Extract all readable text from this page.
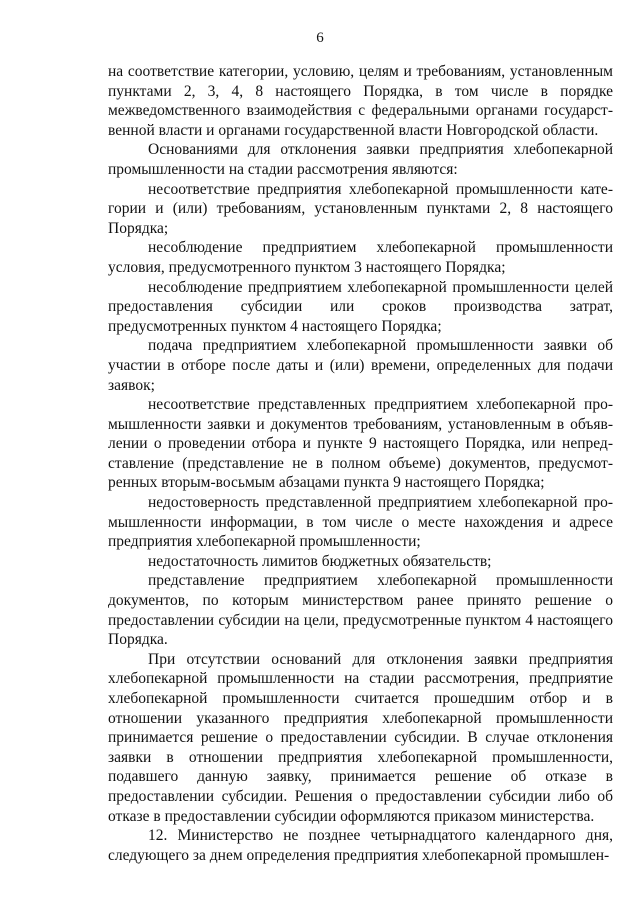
6

на соответствие категории, условию, целям и требованиям, установленным пунктами 2, 3, 4, 8 настоящего Порядка, в том числе в порядке межведомственного взаимодействия с федеральными органами государственной власти и органами государственной власти Новгородской области.

Основаниями для отклонения заявки предприятия хлебопекарной промышленности на стадии рассмотрения являются:

несоответствие предприятия хлебопекарной промышленности категории и (или) требованиям, установленным пунктами 2, 8 настоящего Порядка;

несоблюдение предприятием хлебопекарной промышленности условия, предусмотренного пунктом 3 настоящего Порядка;

несоблюдение предприятием хлебопекарной промышленности целей предоставления субсидии или сроков производства затрат, предусмотренных пунктом 4 настоящего Порядка;

подача предприятием хлебопекарной промышленности заявки об участии в отборе после даты и (или) времени, определенных для подачи заявок;

несоответствие представленных предприятием хлебопекарной промышленности заявки и документов требованиям, установленным в объявлении о проведении отбора и пункте 9 настоящего Порядка, или непредставление (представление не в полном объеме) документов, предусмотренных вторым-восьмым абзацами пункта 9 настоящего Порядка;

недостоверность представленной предприятием хлебопекарной промышленности информации, в том числе о месте нахождения и адресе предприятия хлебопекарной промышленности;

недостаточность лимитов бюджетных обязательств;

представление предприятием хлебопекарной промышленности документов, по которым министерством ранее принято решение о предоставлении субсидии на цели, предусмотренные пунктом 4 настоящего Порядка.

При отсутствии оснований для отклонения заявки предприятия хлебопекарной промышленности на стадии рассмотрения, предприятие хлебопекарной промышленности считается прошедшим отбор и в отношении указанного предприятия хлебопекарной промышленности принимается решение о предоставлении субсидии. В случае отклонения заявки в отношении предприятия хлебопекарной промышленности, подавшего данную заявку, принимается решение об отказе в предоставлении субсидии. Решения о предоставлении субсидии либо об отказе в предоставлении субсидии оформляются приказом министерства.

12. Министерство не позднее четырнадцатого календарного дня, следующего за днем определения предприятия хлебопекарной промышлен-
